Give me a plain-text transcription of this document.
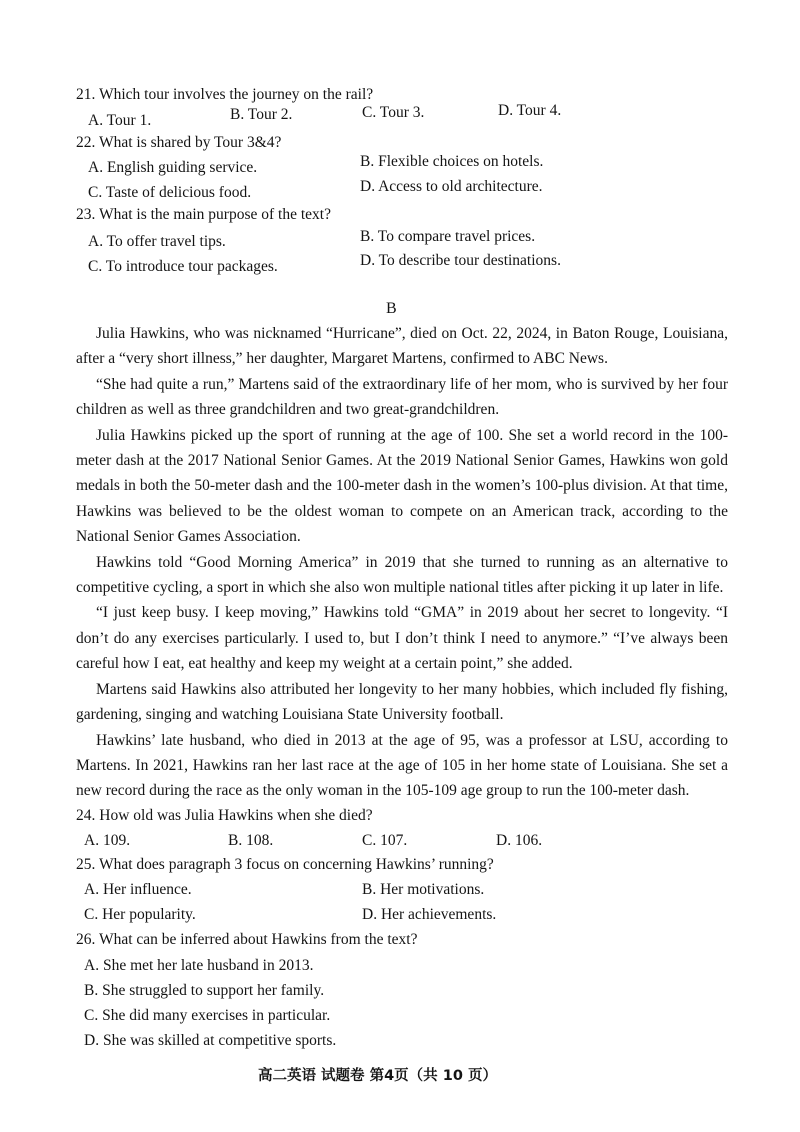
21. Which tour involves the journey on the rail?
A. Tour 1.	B. Tour 2.	C. Tour 3.	D. Tour 4.
22. What is shared by Tour 3&4?
A. English guiding service.	B. Flexible choices on hotels.
C. Taste of delicious food.	D. Access to old architecture.
23. What is the main purpose of the text?
A. To offer travel tips.	B. To compare travel prices.
C. To introduce tour packages.	D. To describe tour destinations.
B

Julia Hawkins, who was nicknamed “Hurricane”, died on Oct. 22, 2024, in Baton Rouge, Louisiana, after a “very short illness,” her daughter, Margaret Martens, confirmed to ABC News.

“She had quite a run,” Martens said of the extraordinary life of her mom, who is survived by her four children as well as three grandchildren and two great-grandchildren.

Julia Hawkins picked up the sport of running at the age of 100. She set a world record in the 100-meter dash at the 2017 National Senior Games. At the 2019 National Senior Games, Hawkins won gold medals in both the 50-meter dash and the 100-meter dash in the women’s 100-plus division. At that time, Hawkins was believed to be the oldest woman to compete on an American track, according to the National Senior Games Association.

Hawkins told “Good Morning America” in 2019 that she turned to running as an alternative to competitive cycling, a sport in which she also won multiple national titles after picking it up later in life.

“I just keep busy. I keep moving,” Hawkins told “GMA” in 2019 about her secret to longevity. “I don’t do any exercises particularly. I used to, but I don’t think I need to anymore.” “I’ve always been careful how I eat, eat healthy and keep my weight at a certain point,” she added.

Martens said Hawkins also attributed her longevity to her many hobbies, which included fly fishing, gardening, singing and watching Louisiana State University football.

Hawkins’ late husband, who died in 2013 at the age of 95, was a professor at LSU, according to Martens. In 2021, Hawkins ran her last race at the age of 105 in her home state of Louisiana. She set a new record during the race as the only woman in the 105-109 age group to run the 100-meter dash.

24. How old was Julia Hawkins when she died?
A. 109.	B. 108.	C. 107.	D. 106.
25. What does paragraph 3 focus on concerning Hawkins’ running?
A. Her influence.	B. Her motivations.
C. Her popularity.	D. Her achievements.
26. What can be inferred about Hawkins from the text?
A. She met her late husband in 2013.
B. She struggled to support her family.
C. She did many exercises in particular.
D. She was skilled at competitive sports.
高二英语 试题卷 第4页（共 10 页）
